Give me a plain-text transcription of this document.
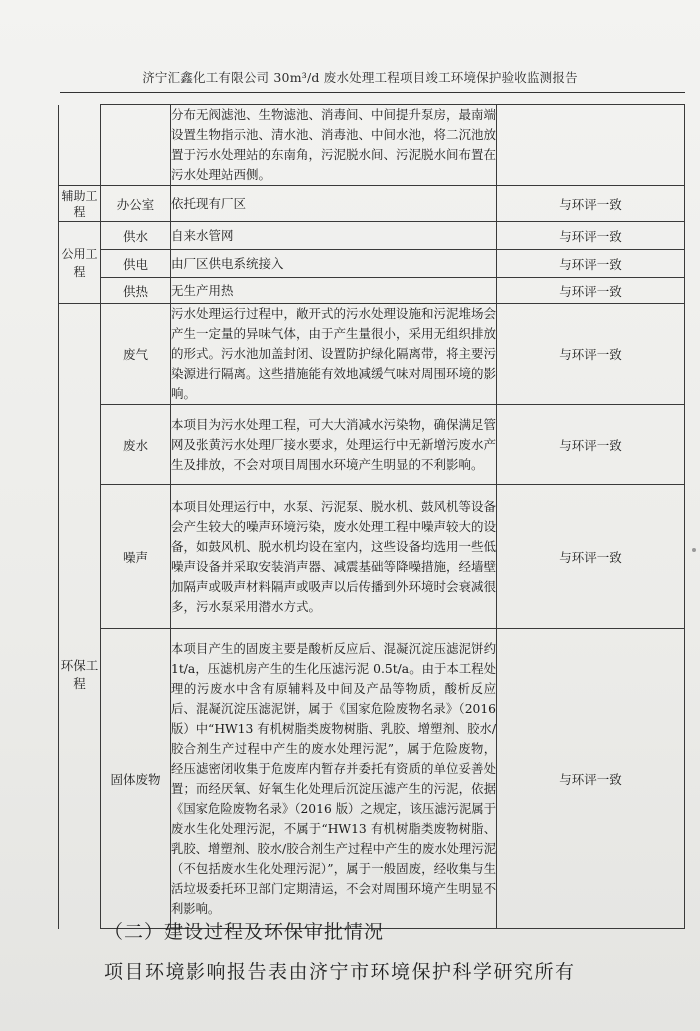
济宁汇鑫化工有限公司 30m³/d 废水处理工程项目竣工环境保护验收监测报告
		分布无阀滤池、生物滤池、消毒间、中间提升泵房，最南端设置生物指示池、清水池、消毒池、中间水池，将二沉池放置于污水处理站的东南角，污泥脱水间、污泥脱水间布置在污水处理站西侧。	
辅助工程	办公室	依托现有厂区	与环评一致
公用工程	供水	自来水管网	与环评一致
	供电	由厂区供电系统接入	与环评一致
	供热	无生产用热	与环评一致
环保工程	废气	污水处理运行过程中，敞开式的污水处理设施和污泥堆场会产生一定量的异味气体，由于产生量很小，采用无组织排放的形式。污水池加盖封闭、设置防护绿化隔离带，将主要污染源进行隔离。这些措施能有效地减缓气味对周围环境的影响。	与环评一致
	废水	本项目为污水处理工程，可大大消减水污染物，确保满足管网及张黄污水处理厂接水要求，处理运行中无新增污废水产生及排放，不会对项目周围水环境产生明显的不利影响。	与环评一致
	噪声	本项目处理运行中，水泵、污泥泵、脱水机、鼓风机等设备会产生较大的噪声环境污染，废水处理工程中噪声较大的设备，如鼓风机、脱水机均设在室内，这些设备均选用一些低噪声设备并采取安装消声器、减震基础等降噪措施，经墙壁加隔声或吸声材料隔声或吸声以后传播到外环境时会衰减很多，污水泵采用潜水方式。	与环评一致
	固体废物	本项目产生的固废主要是酸析反应后、混凝沉淀压滤泥饼约 1t/a，压滤机房产生的生化压滤污泥 0.5t/a。由于本工程处理的污废水中含有原辅料及中间及产品等物质，酸析反应后、混凝沉淀压滤泥饼，属于《国家危险废物名录》（2016 版）中“HW13 有机树脂类废物树脂、乳胶、增塑剂、胶水/胶合剂生产过程中产生的废水处理污泥”，属于危险废物，经压滤密闭收集于危废库内暂存并委托有资质的单位妥善处置；而经厌氧、好氧生化处理后沉淀压滤产生的污泥，依据《国家危险废物名录》（2016 版）之规定，该压滤污泥属于废水生化处理污泥，不属于“HW13 有机树脂类废物树脂、乳胶、增塑剂、胶水/胶合剂生产过程中产生的废水处理污泥（不包括废水生化处理污泥）”，属于一般固废，经收集与生活垃圾委托环卫部门定期清运，不会对周围环境产生明显不利影响。	与环评一致
（二）建设过程及环保审批情况
项目环境影响报告表由济宁市环境保护科学研究所有
